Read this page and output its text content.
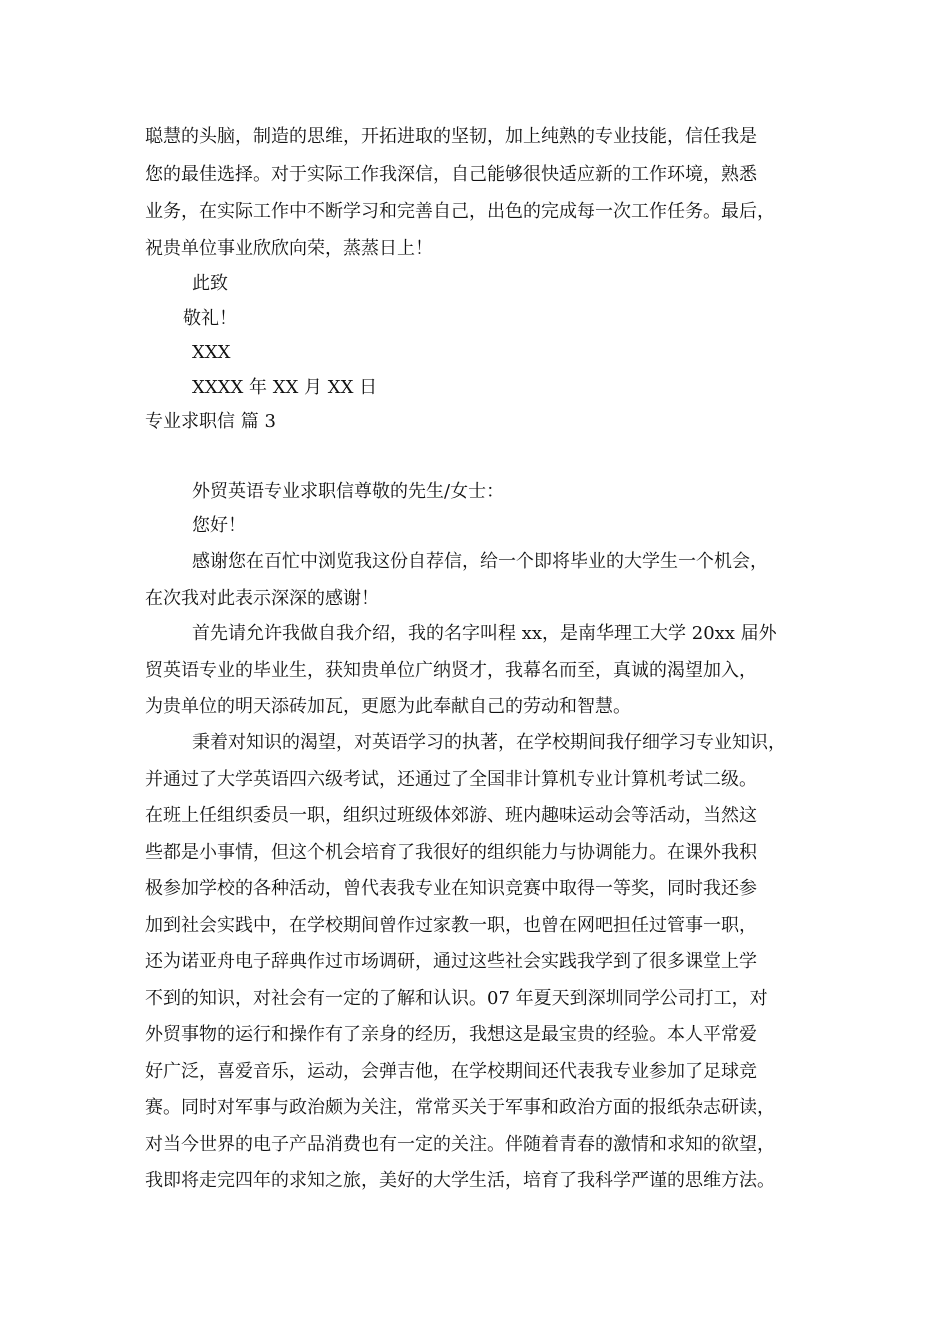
聪慧的头脑，制造的思维，开拓进取的坚韧，加上纯熟的专业技能，信任我是
您的最佳选择。对于实际工作我深信，自己能够很快适应新的工作环境，熟悉
业务，在实际工作中不断学习和完善自己，出色的完成每一次工作任务。最后，
祝贵单位事业欣欣向荣，蒸蒸日上！
此致
敬礼！
XXX
XXXX 年 XX 月 XX 日
专业求职信 篇 3
外贸英语专业求职信尊敬的先生/女士：
您好！
感谢您在百忙中浏览我这份自荐信，给一个即将毕业的大学生一个机会，
在次我对此表示深深的感谢！
首先请允许我做自我介绍，我的名字叫程 xx，是南华理工大学 20xx 届外
贸英语专业的毕业生，获知贵单位广纳贤才，我幕名而至，真诚的渴望加入，
为贵单位的明天添砖加瓦，更愿为此奉献自己的劳动和智慧。
秉着对知识的渴望，对英语学习的执著，在学校期间我仔细学习专业知识，
并通过了大学英语四六级考试，还通过了全国非计算机专业计算机考试二级。
在班上任组织委员一职，组织过班级体郊游、班内趣味运动会等活动，当然这
些都是小事情，但这个机会培育了我很好的组织能力与协调能力。在课外我积
极参加学校的各种活动，曾代表我专业在知识竞赛中取得一等奖，同时我还参
加到社会实践中，在学校期间曾作过家教一职，也曾在网吧担任过管事一职，
还为诺亚舟电子辞典作过市场调研，通过这些社会实践我学到了很多课堂上学
不到的知识，对社会有一定的了解和认识。07 年夏天到深圳同学公司打工，对
外贸事物的运行和操作有了亲身的经历，我想这是最宝贵的经验。本人平常爱
好广泛，喜爱音乐，运动，会弹吉他，在学校期间还代表我专业参加了足球竞
赛。同时对军事与政治颇为关注，常常买关于军事和政治方面的报纸杂志研读，
对当今世界的电子产品消费也有一定的关注。伴随着青春的激情和求知的欲望，
我即将走完四年的求知之旅，美好的大学生活，培育了我科学严谨的思维方法。
